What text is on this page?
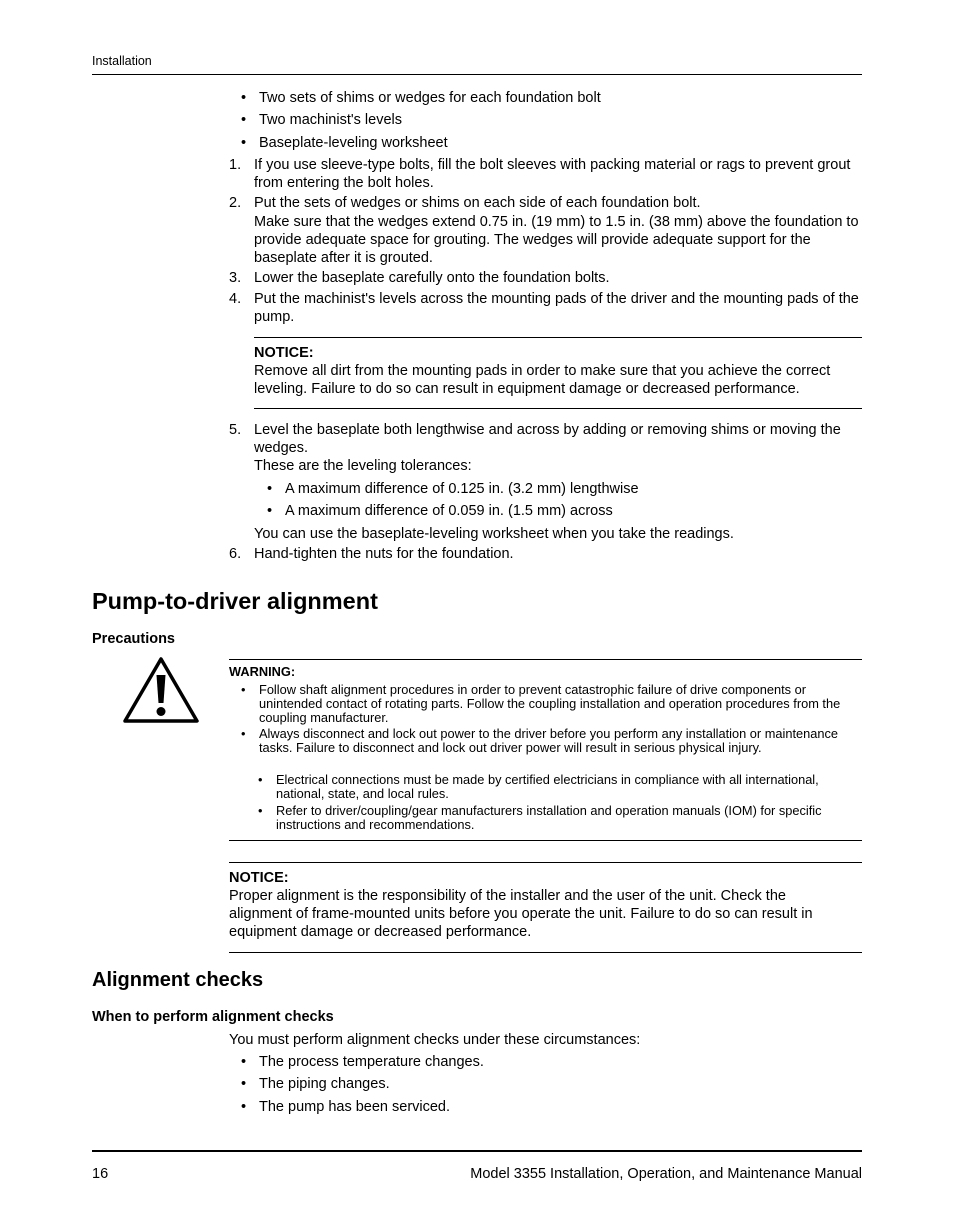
Installation
• Two sets of shims or wedges for each foundation bolt
• Two machinist's levels
• Baseplate-leveling worksheet
1. If you use sleeve-type bolts, fill the bolt sleeves with packing material or rags to prevent grout from entering the bolt holes.
2. Put the sets of wedges or shims on each side of each foundation bolt.
Make sure that the wedges extend 0.75 in. (19 mm) to 1.5 in. (38 mm) above the foundation to provide adequate space for grouting. The wedges will provide adequate support for the baseplate after it is grouted.
3. Lower the baseplate carefully onto the foundation bolts.
4. Put the machinist's levels across the mounting pads of the driver and the mounting pads of the pump.
NOTICE:
Remove all dirt from the mounting pads in order to make sure that you achieve the correct leveling. Failure to do so can result in equipment damage or decreased performance.
5. Level the baseplate both lengthwise and across by adding or removing shims or moving the wedges.
These are the leveling tolerances:
• A maximum difference of 0.125 in. (3.2 mm) lengthwise
• A maximum difference of 0.059 in. (1.5 mm) across
You can use the baseplate-leveling worksheet when you take the readings.
6. Hand-tighten the nuts for the foundation.
Pump-to-driver alignment
Precautions
WARNING:
• Follow shaft alignment procedures in order to prevent catastrophic failure of drive components or unintended contact of rotating parts. Follow the coupling installation and operation procedures from the coupling manufacturer.
• Always disconnect and lock out power to the driver before you perform any installation or maintenance tasks. Failure to disconnect and lock out driver power will result in serious physical injury.
• Electrical connections must be made by certified electricians in compliance with all international, national, state, and local rules.
• Refer to driver/coupling/gear manufacturers installation and operation manuals (IOM) for specific instructions and recommendations.
NOTICE:
Proper alignment is the responsibility of the installer and the user of the unit. Check the alignment of frame-mounted units before you operate the unit. Failure to do so can result in equipment damage or decreased performance.
Alignment checks
When to perform alignment checks
You must perform alignment checks under these circumstances:
• The process temperature changes.
• The piping changes.
• The pump has been serviced.
16	Model 3355 Installation, Operation, and Maintenance Manual
